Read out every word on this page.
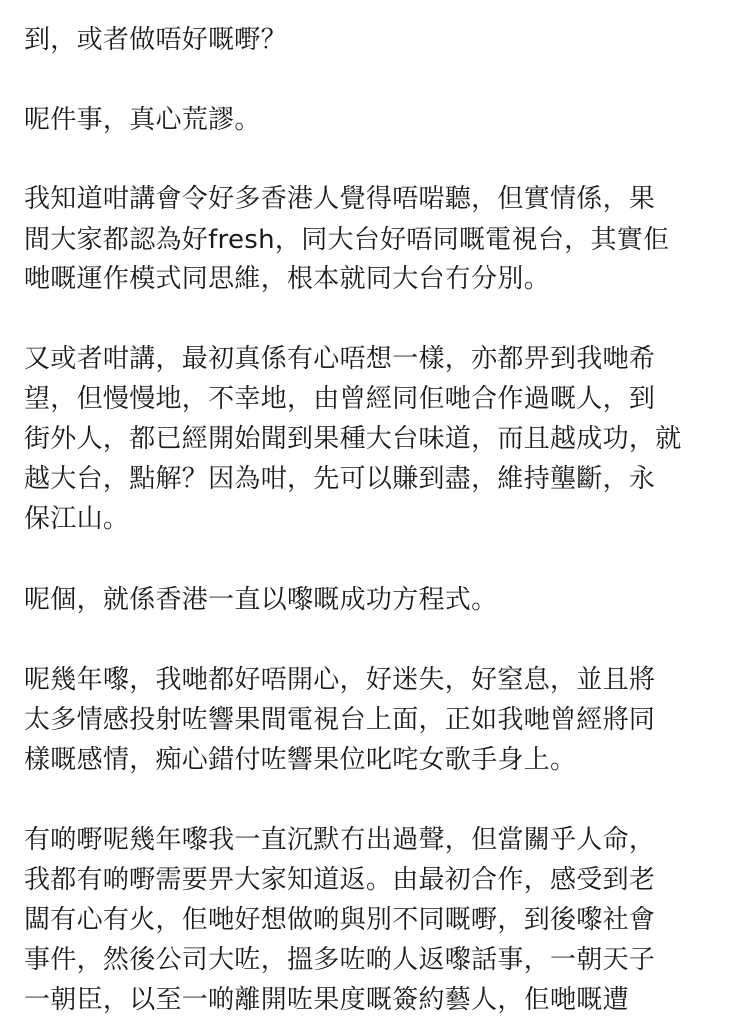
到，或者做唔好嘅嘢？
呢件事，真心荒謬。
我知道咁講會令好多香港人覺得唔啱聽，但實情係，果
間大家都認為好fresh，同大台好唔同嘅電視台，其實佢
哋嘅運作模式同思維，根本就同大台冇分別。
又或者咁講，最初真係有心唔想一樣，亦都畀到我哋希
望，但慢慢地，不幸地，由曾經同佢哋合作過嘅人，到
街外人，都已經開始聞到果種大台味道，而且越成功，就
越大台，點解？因為咁，先可以賺到盡，維持壟斷，永
保江山。
呢個，就係香港一直以嚟嘅成功方程式。
呢幾年嚟，我哋都好唔開心，好迷失，好窒息，並且將
太多情感投射咗響果間電視台上面，正如我哋曾經將同
樣嘅感情，痴心錯付咗響果位叱咤女歌手身上。
有啲嘢呢幾年嚟我一直沉默冇出過聲，但當關乎人命，
我都有啲嘢需要畀大家知道返。由最初合作，感受到老
闆有心有火，佢哋好想做啲與別不同嘅嘢，到後嚟社會
事件，然後公司大咗，搵多咗啲人返嚟話事，一朝天子
一朝臣，以至一啲離開咗果度嘅簽約藝人，佢哋嘅遭
